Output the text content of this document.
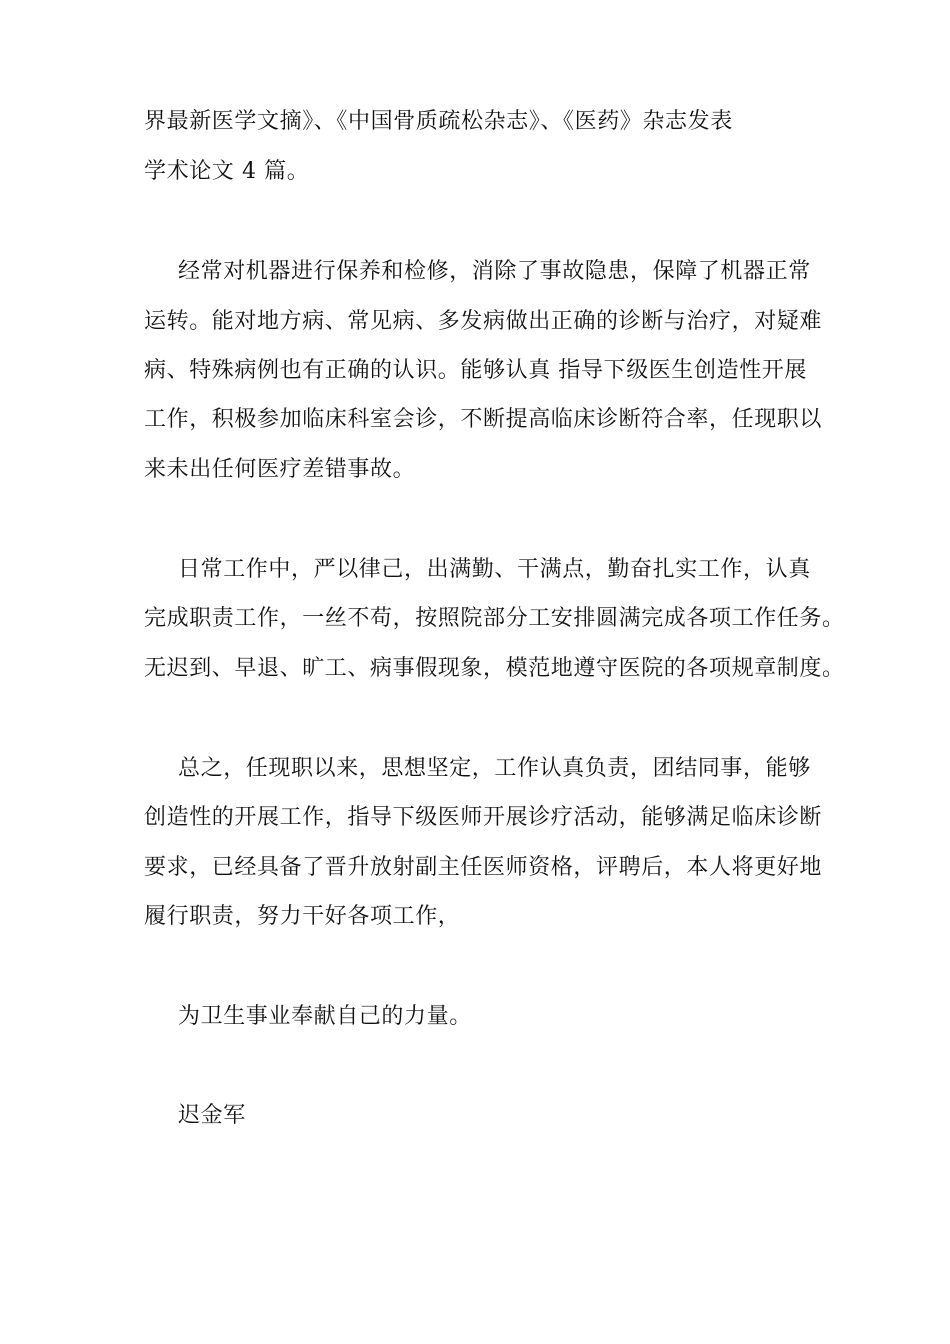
界最新医学文摘》、《中国骨质疏松杂志》、《医药》杂志发表
学术论文 4 篇。
经常对机器进行保养和检修，消除了事故隐患，保障了机器正常
运转。能对地方病、常见病、多发病做出正确的诊断与治疗，对疑难
病、特殊病例也有正确的认识。能够认真 指导下级医生创造性开展
工作，积极参加临床科室会诊，不断提高临床诊断符合率，任现职以
来未出任何医疗差错事故。
日常工作中，严以律己，出满勤、干满点，勤奋扎实工作，认真
完成职责工作，一丝不苟，按照院部分工安排圆满完成各项工作任务。
无迟到、早退、旷工、病事假现象，模范地遵守医院的各项规章制度。
总之，任现职以来，思想坚定，工作认真负责，团结同事，能够
创造性的开展工作，指导下级医师开展诊疗活动，能够满足临床诊断
要求，已经具备了晋升放射副主任医师资格，评聘后，本人将更好地
履行职责，努力干好各项工作，
为卫生事业奉献自己的力量。
迟金军
